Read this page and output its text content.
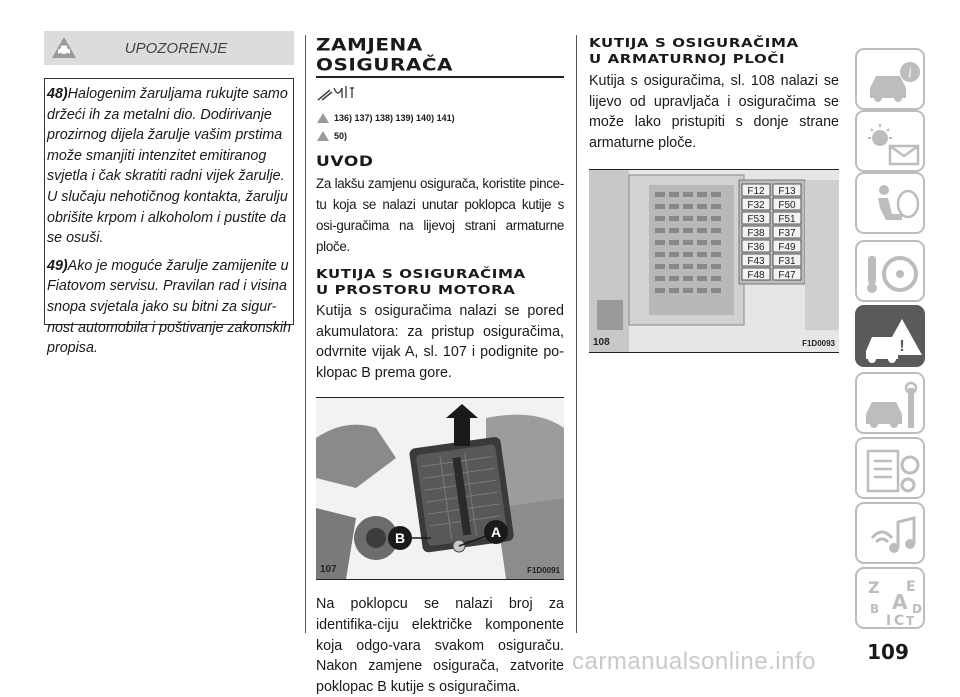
UPOZORENJE

48)Halogenim žaruljama rukujte samo držeći ih za metalni dio. Dodirivanje prozirnog dijela žarulje vašim prstima može smanjiti intenzitet emitiranog svjetla i čak skratiti radni vijek žarulje. U slučaju nehotičnog kontakta, žarulju obrišite krpom i alkoholom i pustite da se osuši.

49)Ako je moguće žarulje zamijenite u Fiatovom servisu. Pravilan rad i visina snopa svjetala jako su bitni za sigur-nost automobila i poštivanje zakonskih propisa.

ZAMJENA
OSIGURAČA
136) 137) 138) 139) 140) 141)
50)
UVOD
Za lakšu zamjenu osigurača, koristite pince-tu koja se nalazi unutar poklopca kutije s osi-guračima na lijevoj strani armaturne ploče.
KUTIJA S OSIGURAČIMA
U PROSTORU MOTORA
Kutija s osiguračima nalazi se pored akumulatora: za pristup osiguračima, odvrnite vijak A, sl. 107 i podignite po-klopac B prema gore.
A
B
107	F1D0091
Na poklopcu se nalazi broj za identifika-ciju električke komponente koja odgo-vara svakom osiguraču. Nakon zamjene osigurača, zatvorite poklopac B kutije s osiguračima.
KUTIJA S OSIGURAČIMA
U ARMATURNOJ PLOČI
Kutija s osiguračima, sl. 108 nalazi se lijevo od upravljača i osiguračima se može lako pristupiti s donje strane armaturne ploče.
F12 F13
F32 F50
F53 F51
F38 F37
F36 F49
F43 F31
F48 F47
108	F1D0093
i
!
Z E
B
I C T
D
A
109
carmanualsonline.info
